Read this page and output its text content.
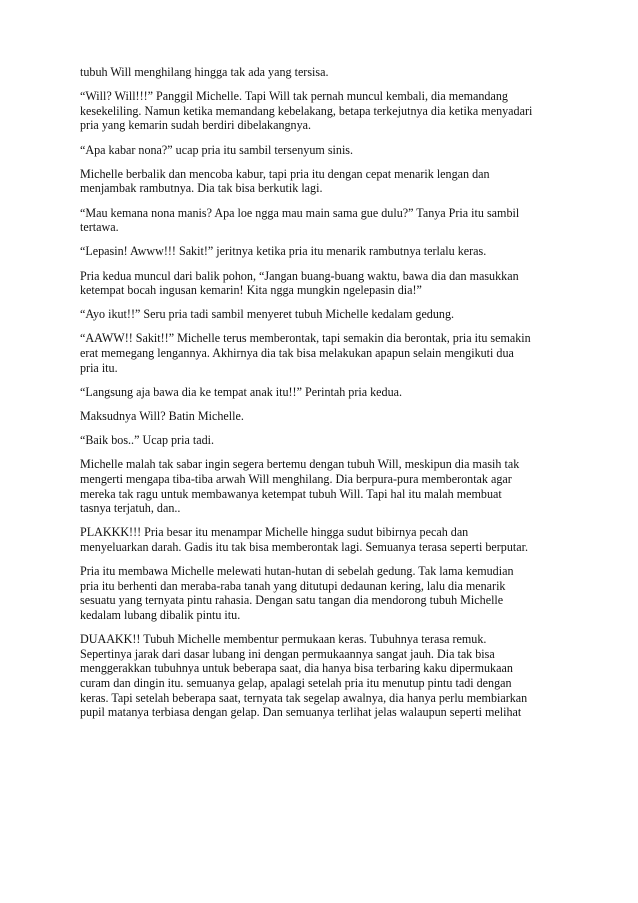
tubuh Will menghilang hingga tak ada yang tersisa.

“Will? Will!!!” Panggil Michelle. Tapi Will tak pernah muncul kembali, dia memandang
kesekeliling. Namun ketika memandang kebelakang, betapa terkejutnya dia ketika menyadari
pria yang kemarin sudah berdiri dibelakangnya.

“Apa kabar nona?” ucap pria itu sambil tersenyum sinis.

Michelle berbalik dan mencoba kabur, tapi pria itu dengan cepat menarik lengan dan
menjambak rambutnya. Dia tak bisa berkutik lagi.

“Mau kemana nona manis? Apa loe ngga mau main sama gue dulu?” Tanya Pria itu sambil
tertawa.

“Lepasin! Awww!!! Sakit!” jeritnya ketika pria itu menarik rambutnya terlalu keras.

Pria kedua muncul dari balik pohon, “Jangan buang-buang waktu, bawa dia dan masukkan
ketempat bocah ingusan kemarin! Kita ngga mungkin ngelepasin dia!”

“Ayo ikut!!” Seru pria tadi sambil menyeret tubuh Michelle kedalam gedung.

“AAWW!! Sakit!!” Michelle terus memberontak, tapi semakin dia berontak, pria itu semakin
erat memegang lengannya. Akhirnya dia tak bisa melakukan apapun selain mengikuti dua
pria itu.

“Langsung aja bawa dia ke tempat anak itu!!” Perintah pria kedua.

Maksudnya Will? Batin Michelle.

“Baik bos..” Ucap pria tadi.

Michelle malah tak sabar ingin segera bertemu dengan tubuh Will, meskipun dia masih tak
mengerti mengapa tiba-tiba arwah Will menghilang. Dia berpura-pura memberontak agar
mereka tak ragu untuk membawanya ketempat tubuh Will. Tapi hal itu malah membuat
tasnya terjatuh, dan..

PLAKKK!!! Pria besar itu menampar Michelle hingga sudut bibirnya pecah dan
menyeluarkan darah. Gadis itu tak bisa memberontak lagi. Semuanya terasa seperti berputar.

Pria itu membawa Michelle melewati hutan-hutan di sebelah gedung. Tak lama kemudian
pria itu berhenti dan meraba-raba tanah yang ditutupi dedaunan kering, lalu dia menarik
sesuatu yang ternyata pintu rahasia. Dengan satu tangan dia mendorong tubuh Michelle
kedalam lubang dibalik pintu itu.

DUAAKK!! Tubuh Michelle membentur permukaan keras. Tubuhnya terasa remuk.
Sepertinya jarak dari dasar lubang ini dengan permukaannya sangat jauh. Dia tak bisa
menggerakkan tubuhnya untuk beberapa saat, dia hanya bisa terbaring kaku dipermukaan
curam dan dingin itu. semuanya gelap, apalagi setelah pria itu menutup pintu tadi dengan
keras. Tapi setelah beberapa saat, ternyata tak segelap awalnya, dia hanya perlu membiarkan
pupil matanya terbiasa dengan gelap. Dan semuanya terlihat jelas walaupun seperti melihat
